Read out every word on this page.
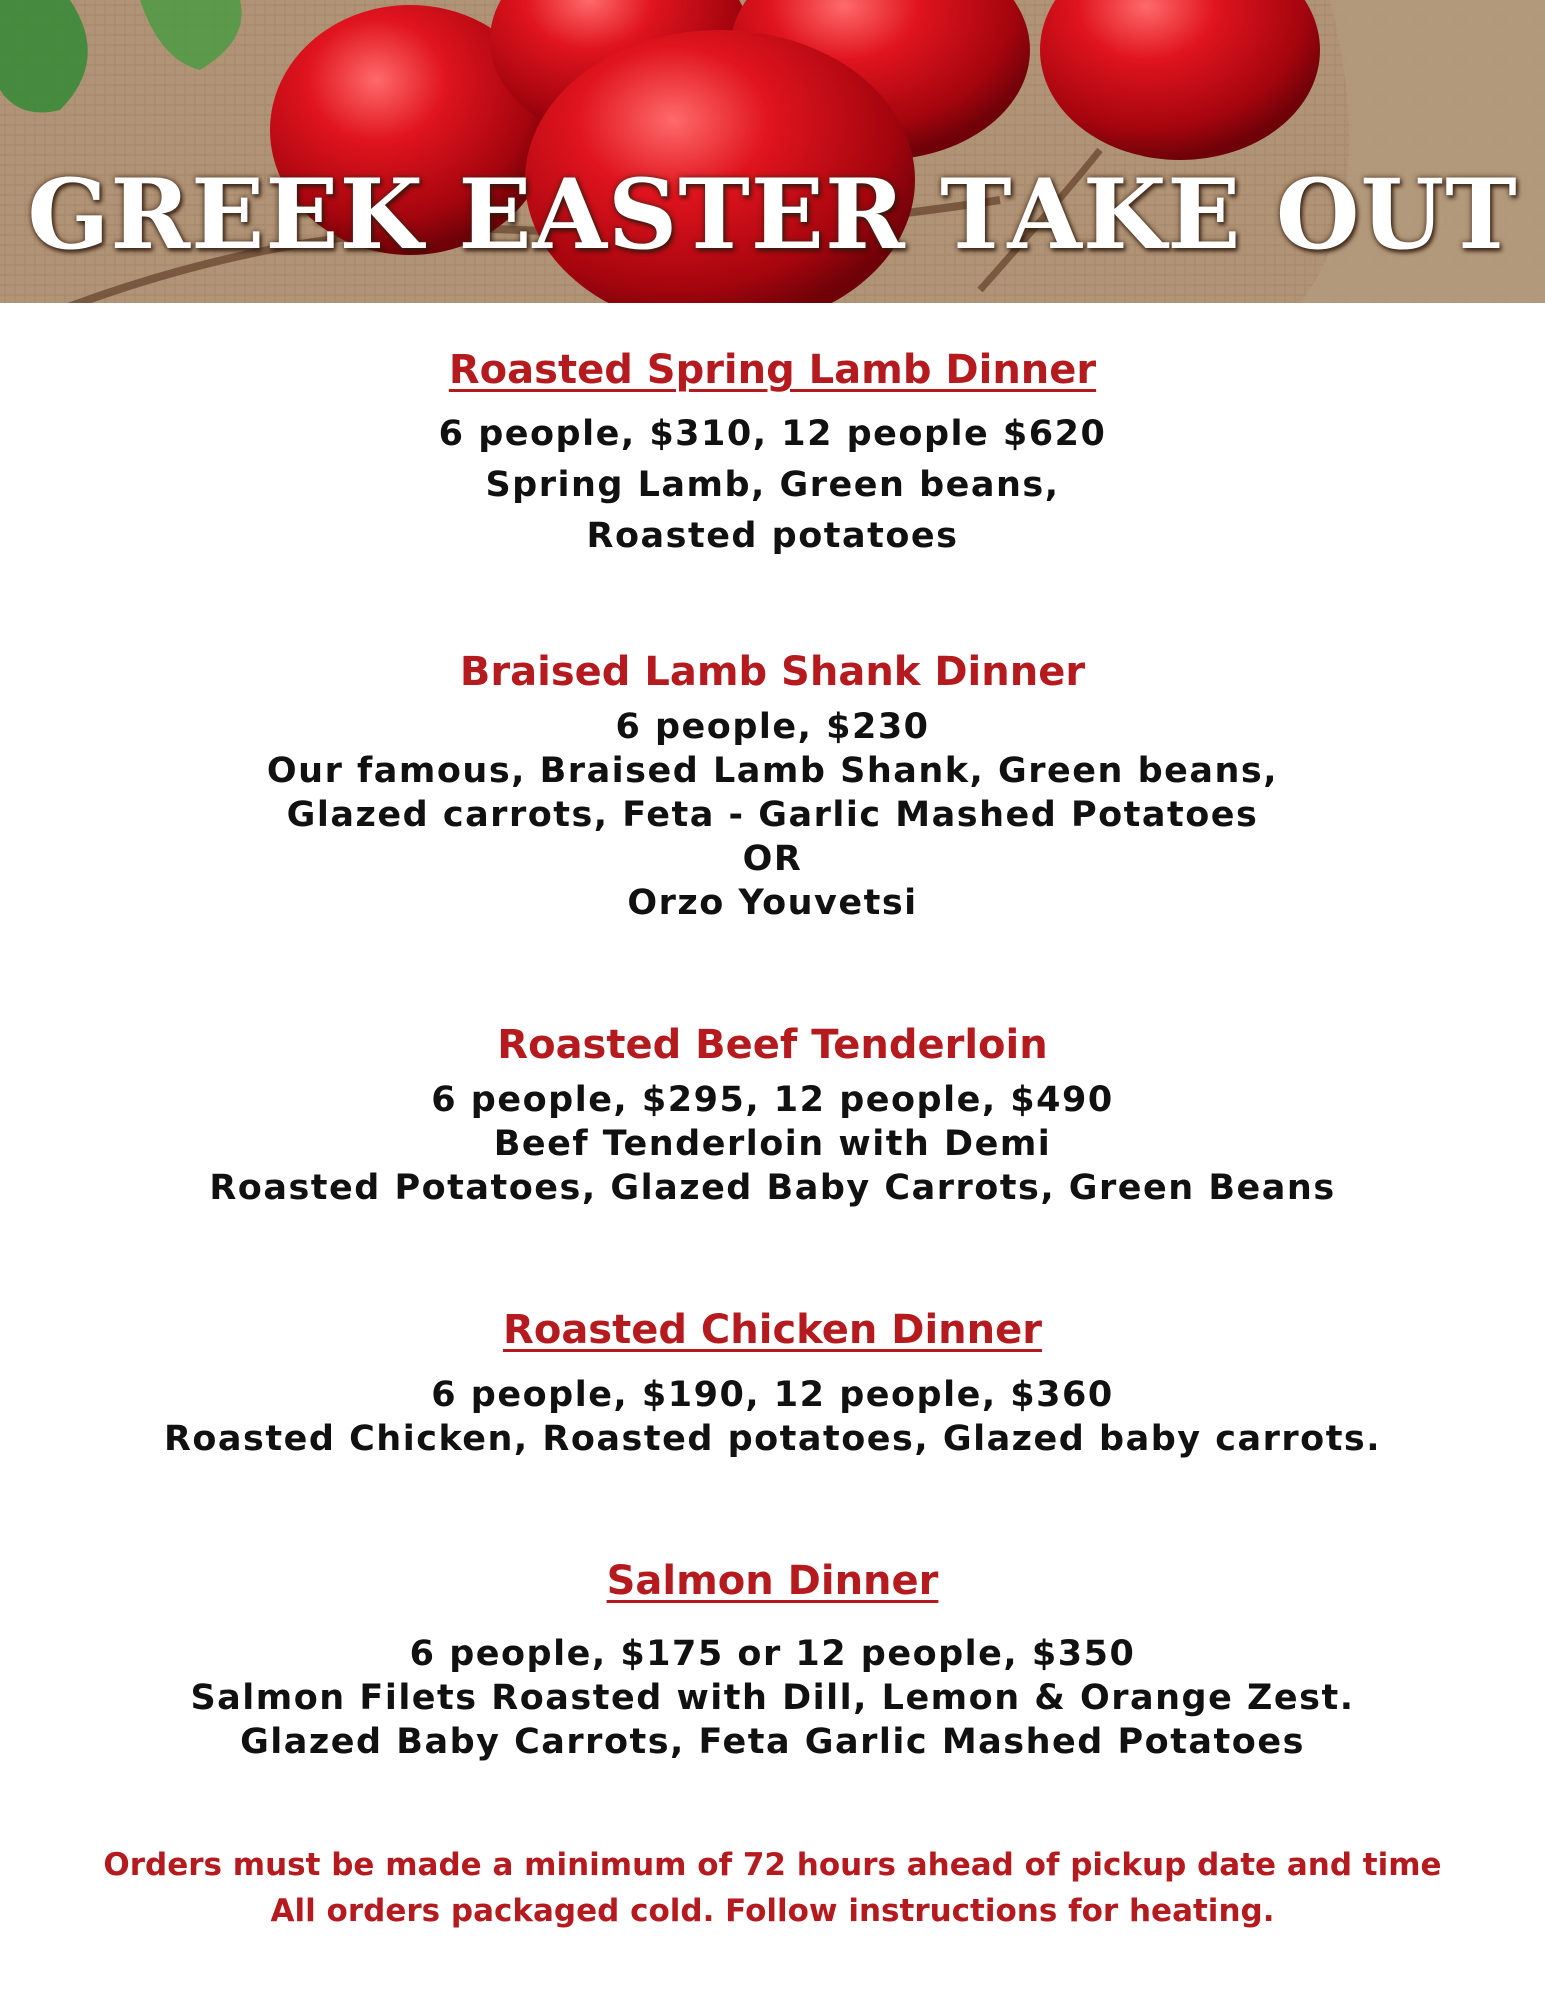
GREEK EASTER TAKE OUT
Roasted Spring Lamb Dinner
6 people, $310, 12 people $620
Spring Lamb, Green beans,
Roasted potatoes
Braised Lamb Shank Dinner
6 people, $230
Our famous, Braised Lamb Shank, Green beans,
Glazed carrots, Feta - Garlic Mashed Potatoes
OR
Orzo Youvetsi
Roasted Beef Tenderloin
6 people, $295, 12 people, $490
Beef Tenderloin with Demi
Roasted Potatoes, Glazed Baby Carrots, Green Beans
Roasted Chicken Dinner
6 people, $190, 12 people, $360
Roasted Chicken, Roasted potatoes, Glazed baby carrots.
Salmon Dinner
6 people, $175 or 12 people, $350
Salmon Filets Roasted with Dill, Lemon & Orange Zest.
Glazed Baby Carrots, Feta Garlic Mashed Potatoes
Orders must be made a minimum of 72 hours ahead of pickup date and time
All orders packaged cold. Follow instructions for heating.
